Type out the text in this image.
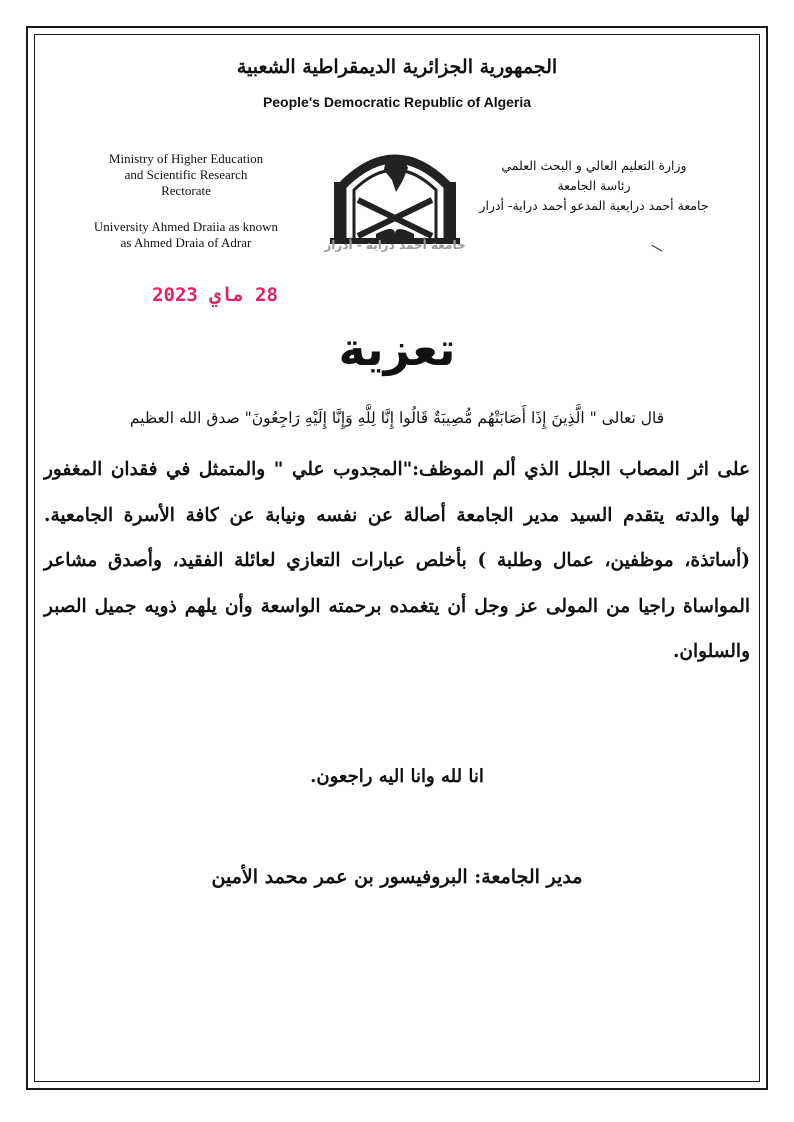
الجمهورية الجزائرية الديمقراطية الشعبية
People's Democratic Republic of Algeria
Ministry of Higher Education
and Scientific Research
Rectorate
University Ahmed Draiia as known
as Ahmed Draia of Adrar	جامعة أحمد دراية - أدرار
وزارة التعليم العالي و البحث العلمي
رئاسة الجامعة
جامعة أحمد درايعية المدعو أحمد دراية- أدرار
28 ماي 2023
تعزية
قال تعالى " الَّذِينَ إِذَا أَصَابَتْهُم مُّصِيبَةٌ قَالُوا إِنَّا لِلَّهِ وَإِنَّا إِلَيْهِ رَاجِعُونَ" صدق الله العظيم
على اثر المصاب الجلل الذي ألم الموظف:"المجدوب علي " والمتمثل في فقدان المغفور لها والدته يتقدم السيد مدير الجامعة أصالة عن نفسه ونيابة عن كافة الأسرة الجامعية.(أساتذة، موظفين، عمال وطلبة ) بأخلص عبارات التعازي لعائلة الفقيد، وأصدق مشاعر المواساة راجيا من المولى عز وجل أن يتغمده برحمته الواسعة وأن يلهم ذويه جميل الصبر والسلوان.
انا لله وانا اليه راجعون.
مدير الجامعة: البروفيسور بن عمر محمد الأمين
